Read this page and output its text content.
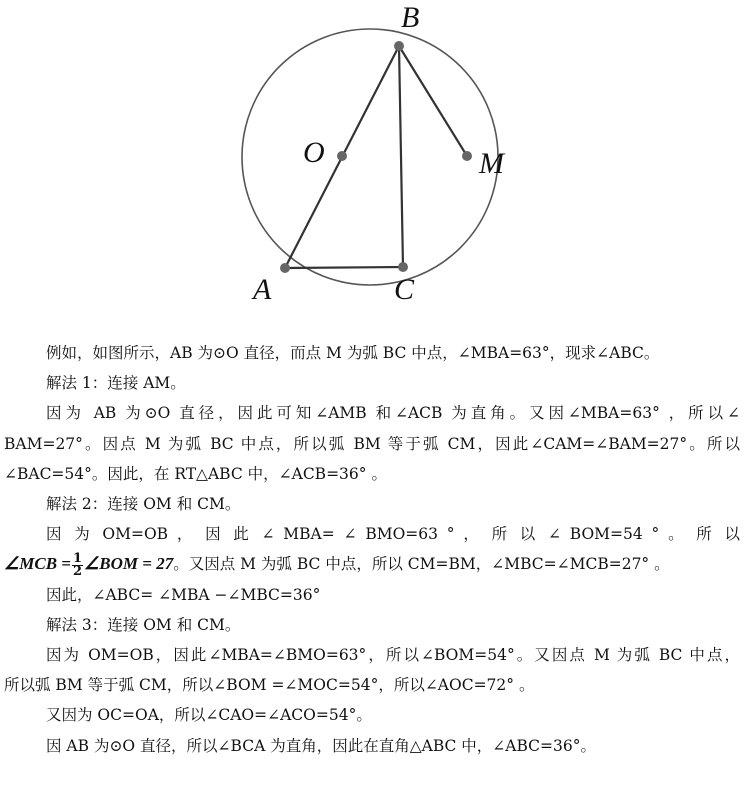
B
O	M
A	C
例如，如图所示，AB 为⊙O 直径，而点 M 为弧 BC 中点，∠MBA=63°，现求∠ABC。
解法 1：连接 AM。
因为 AB 为⊙O 直径，因此可知∠AMB 和∠ACB 为直角。又因∠MBA=63° ，所以∠
BAM=27°。因点 M 为弧 BC 中点，所以弧 BM 等于弧 CM，因此∠CAM=∠BAM=27°。所以
∠BAC=54°。因此，在 RT△ABC 中，∠ACB=36° 。
解法 2：连接 OM 和 CM。
因 为 OM=OB ， 因 此 ∠ MBA= ∠ BMO=63 ° ， 所 以 ∠ BOM=54 ° 。 所 以
∠MCB = $\frac{1}{2}$ ∠BOM = 27。又因点 M 为弧 BC 中点，所以 CM=BM，∠MBC=∠MCB=27° 。
因此，∠ABC= ∠MBA −∠MBC=36°
解法 3：连接 OM 和 CM。
因为 OM=OB，因此∠MBA=∠BMO=63°，所以∠BOM=54°。又因点 M 为弧 BC 中点，
所以弧 BM 等于弧 CM，所以∠BOM =∠MOC=54°，所以∠AOC=72° 。
又因为 OC=OA，所以∠CAO=∠ACO=54°。
因 AB 为⊙O 直径，所以∠BCA 为直角，因此在直角△ABC 中，∠ABC=36°。
